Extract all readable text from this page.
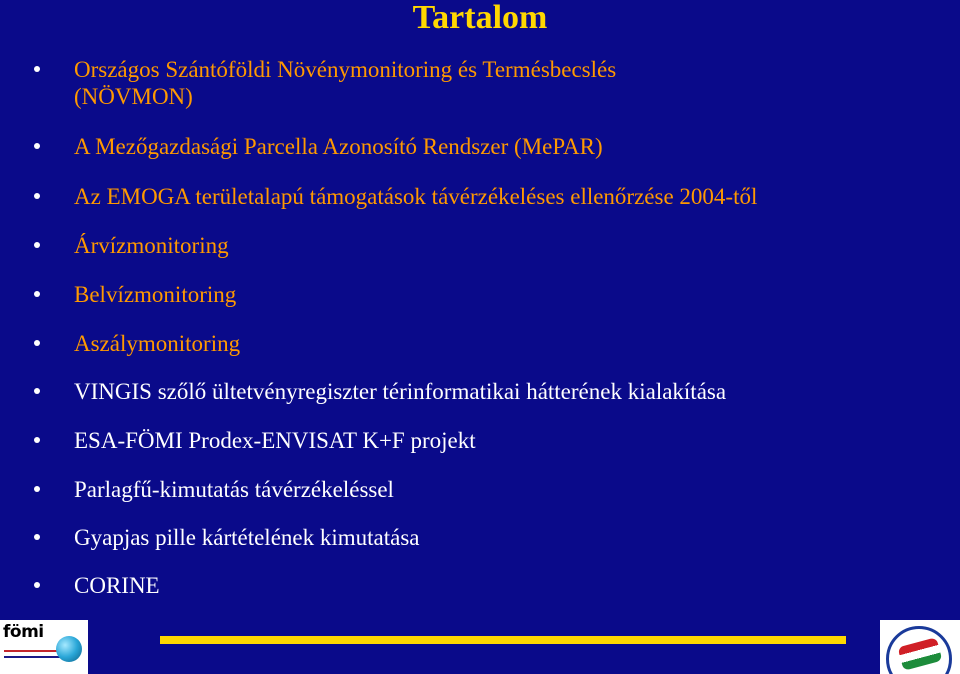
Tartalom
Országos Szántóföldi Növénymonitoring és Termésbecslés
(NÖVMON)
A Mezőgazdasági Parcella Azonosító Rendszer (MePAR)
Az EMOGA területalapú támogatások távérzékeléses ellenőrzése 2004-től
Árvízmonitoring
Belvízmonitoring
Aszálymonitoring
VINGIS szőlő ültetvényregiszter térinformatikai hátterének kialakítása
ESA-FÖMI Prodex-ENVISAT K+F projekt
Parlagfű-kimutatás távérzékeléssel
Gyapjas pille kártételének kimutatása
CORINE
fömi
